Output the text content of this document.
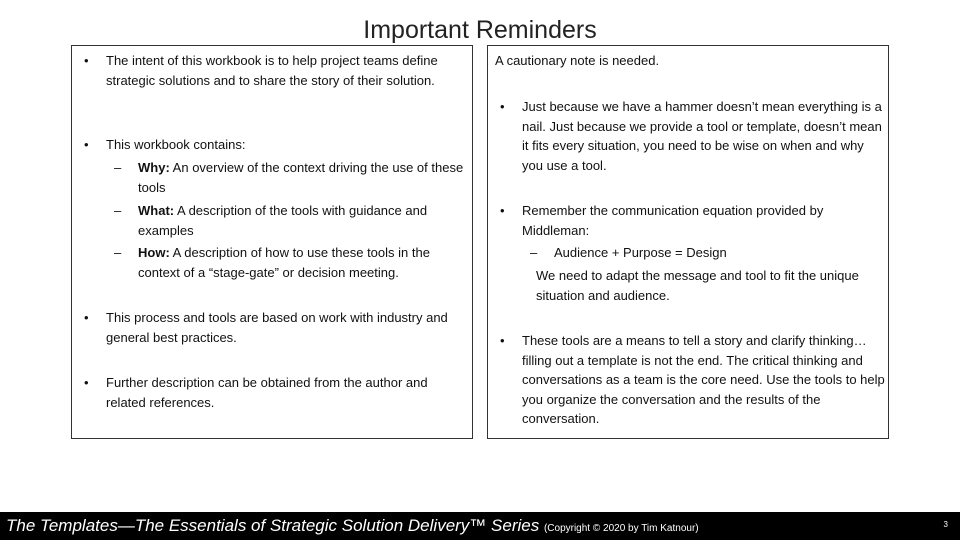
Important Reminders
• The intent of this workbook is to help project teams define strategic solutions and to share the story of their solution.
• This workbook contains:
– Why: An overview of the context driving the use of these tools
– What: A description of the tools with guidance and examples
– How: A description of how to use these tools in the context of a “stage-gate” or decision meeting.
• This process and tools are based on work with industry and general best practices.
• Further description can be obtained from the author and related references.
A cautionary note is needed.
• Just because we have a hammer doesn’t mean everything is a nail. Just because we provide a tool or template, doesn’t mean it fits every situation, you need to be wise on when and why you use a tool.
• Remember the communication equation provided by Middleman:
– Audience + Purpose = Design
We need to adapt the message and tool to fit the unique situation and audience.
• These tools are a means to tell a story and clarify thinking…filling out a template is not the end. The critical thinking and conversations as a team is the core need. Use the tools to help you organize the conversation and the results of the conversation.
The Templates—The Essentials of Strategic Solution Delivery™ Series (Copyright © 2020 by Tim Katnour)	3
